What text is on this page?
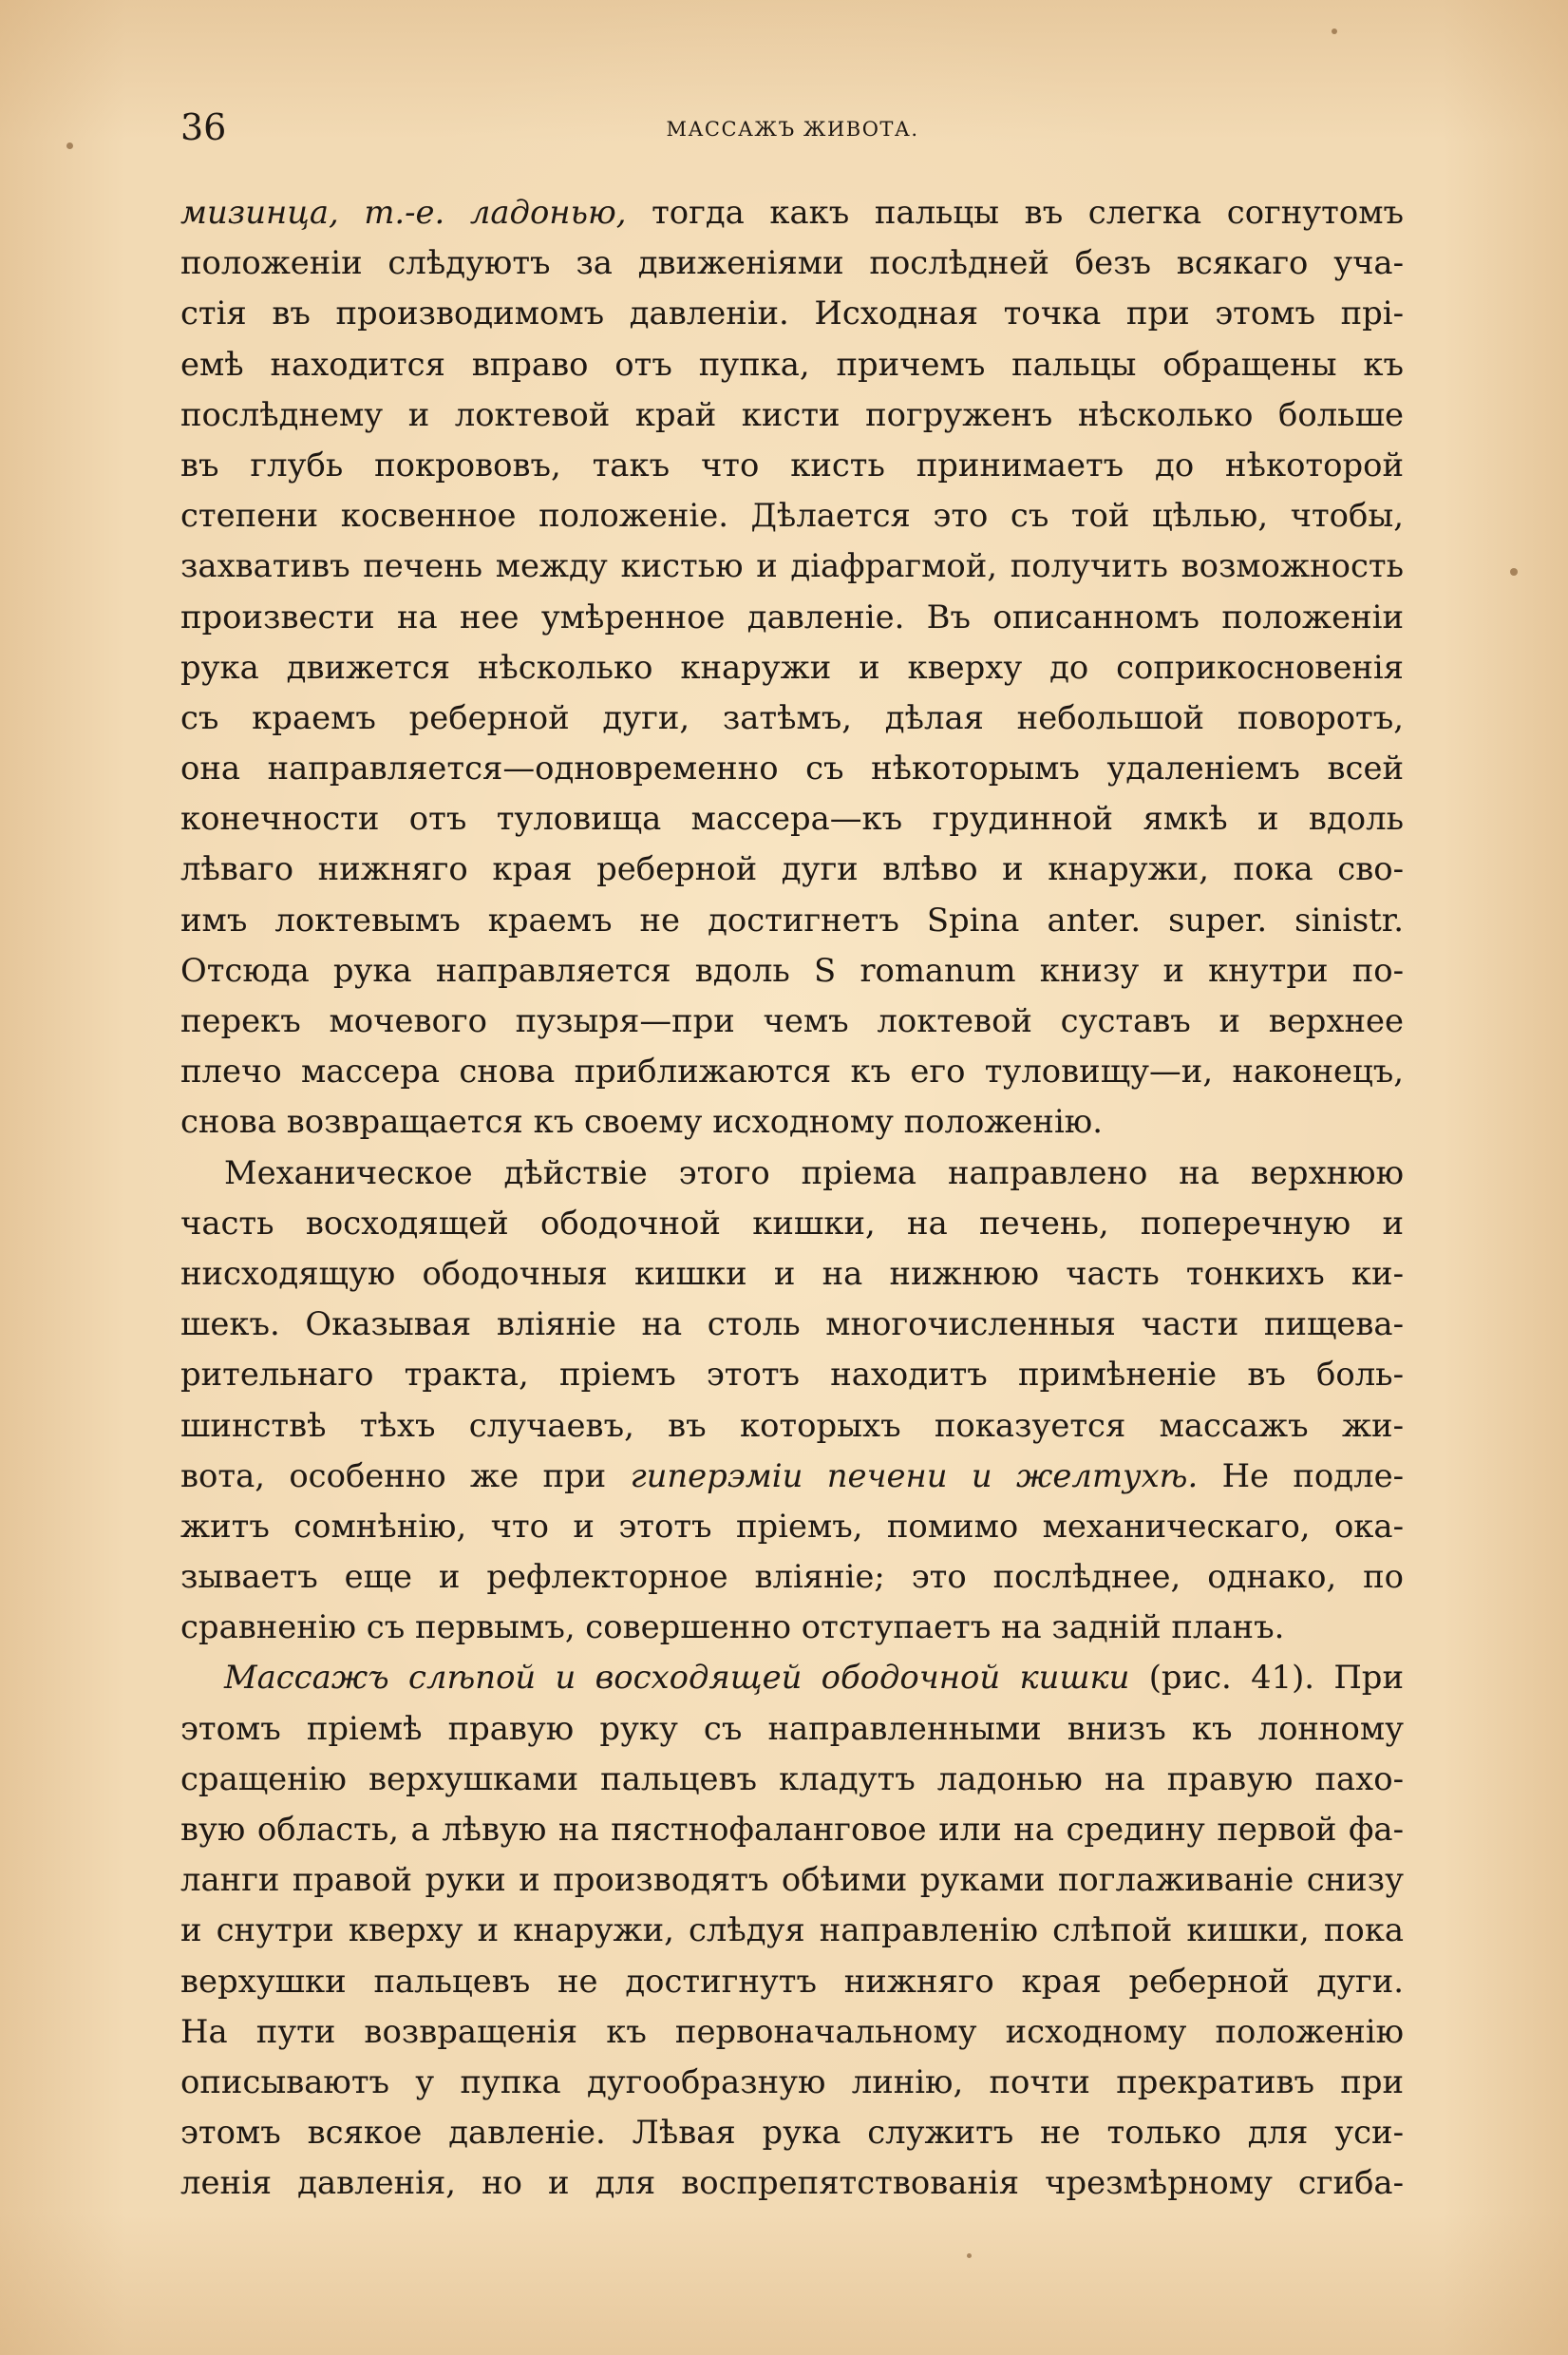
36	МАССАЖЪ ЖИВОТА.
мизинца, т.-е. ладонью, тогда какъ пальцы въ слегка согнутомъ
положеніи слѣдуютъ за движеніями послѣдней безъ всякаго уча-
стія въ производимомъ давленіи. Исходная точка при этомъ прі-
емѣ находится вправо отъ пупка, причемъ пальцы обращены къ
послѣднему и локтевой край кисти погруженъ нѣсколько больше
въ глубь покрововъ, такъ что кисть принимаетъ до нѣкоторой
степени косвенное положеніе. Дѣлается это съ той цѣлью, чтобы,
захвативъ печень между кистью и діафрагмой, получить возможность
произвести на нее умѣренное давленіе. Въ описанномъ положеніи
рука движется нѣсколько кнаружи и кверху до соприкосновенія
съ краемъ реберной дуги, затѣмъ, дѣлая небольшой поворотъ,
она направляется—одновременно съ нѣкоторымъ удаленіемъ всей
конечности отъ туловища массера—къ грудинной ямкѣ и вдоль
лѣваго нижняго края реберной дуги влѣво и кнаружи, пока сво-
имъ локтевымъ краемъ не достигнетъ Spina anter. super. sinistr.
Отсюда рука направляется вдоль S romanum книзу и кнутри по-
перекъ мочевого пузыря—при чемъ локтевой суставъ и верхнее
плечо массера снова приближаются къ его туловищу—и, наконецъ,
снова возвращается къ своему исходному положенію.
Механическое дѣйствіе этого пріема направлено на верхнюю
часть восходящей ободочной кишки, на печень, поперечную и
нисходящую ободочныя кишки и на нижнюю часть тонкихъ ки-
шекъ. Оказывая вліяніе на столь многочисленныя части пищева-
рительнаго тракта, пріемъ этотъ находитъ примѣненіе въ боль-
шинствѣ тѣхъ случаевъ, въ которыхъ показуется массажъ жи-
вота, особенно же при гиперэміи печени и желтухѣ. Не подле-
житъ сомнѣнію, что и этотъ пріемъ, помимо механическаго, ока-
зываетъ еще и рефлекторное вліяніе; это послѣднее, однако, по
сравненію съ первымъ, совершенно отступаетъ на задній планъ.
Массажъ слѣпой и восходящей ободочной кишки (рис. 41). При
этомъ пріемѣ правую руку съ направленными внизъ къ лонному
сращенію верхушками пальцевъ кладутъ ладонью на правую пахо-
вую область, а лѣвую на пястнофаланговое или на средину первой фа-
ланги правой руки и производятъ обѣими руками поглаживаніе снизу
и снутри кверху и кнаружи, слѣдуя направленію слѣпой кишки, пока
верхушки пальцевъ не достигнутъ нижняго края реберной дуги.
На пути возвращенія къ первоначальному исходному положенію
описываютъ у пупка дугообразную линію, почти прекративъ при
этомъ всякое давленіе. Лѣвая рука служитъ не только для уси-
ленія давленія, но и для воспрепятствованія чрезмѣрному сгиба-
